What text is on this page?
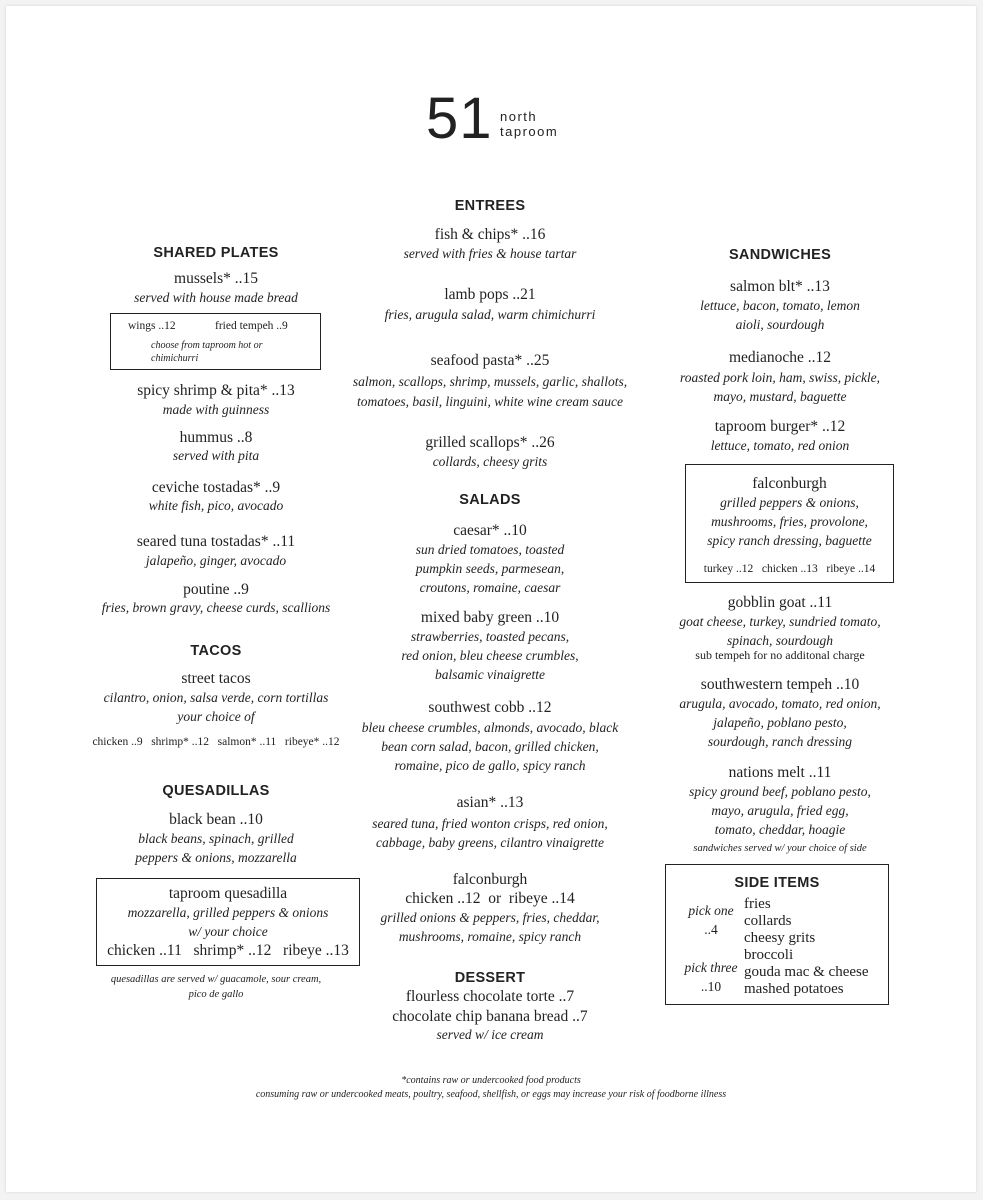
51 north
taproom
SHARED PLATES
mussels* ..15
served with house made bread
wings ..12	fried tempeh ..9
choose from taproom hot or chimichurri
spicy shrimp & pita* ..13
made with guinness
hummus ..8
served with pita
ceviche tostadas* ..9
white fish, pico, avocado
seared tuna tostadas* ..11
jalapeño, ginger, avocado
poutine ..9
fries, brown gravy, cheese curds, scallions
TACOS
street tacos
cilantro, onion, salsa verde, corn tortillas
your choice of
chicken ..9   shrimp* ..12   salmon* ..11   ribeye* ..12
QUESADILLAS
black bean ..10
black beans, spinach, grilled
peppers & onions, mozzarella
taproom quesadilla
mozzarella, grilled peppers & onions
w/ your choice
chicken ..11   shrimp* ..12   ribeye ..13
quesadillas are served w/ guacamole, sour cream,
pico de gallo
ENTREES
fish & chips* ..16
served with fries & house tartar
lamb pops ..21
fries, arugula salad, warm chimichurri
seafood pasta* ..25
salmon, scallops, shrimp, mussels, garlic, shallots,
tomatoes, basil, linguini, white wine cream sauce
grilled scallops* ..26
collards, cheesy grits
SALADS
caesar* ..10
sun dried tomatoes, toasted
pumpkin seeds, parmesean,
croutons, romaine, caesar
mixed baby green ..10
strawberries, toasted pecans,
red onion, bleu cheese crumbles,
balsamic vinaigrette
southwest cobb ..12
bleu cheese crumbles, almonds, avocado, black
bean corn salad, bacon, grilled chicken,
romaine, pico de gallo, spicy ranch
asian* ..13
seared tuna, fried wonton crisps, red onion,
cabbage, baby greens, cilantro vinaigrette
falconburgh
chicken ..12  or  ribeye ..14
grilled onions & peppers, fries, cheddar,
mushrooms, romaine, spicy ranch
DESSERT
flourless chocolate torte ..7
chocolate chip banana bread ..7
served w/ ice cream
SANDWICHES
salmon blt* ..13
lettuce, bacon, tomato, lemon
aioli, sourdough
medianoche ..12
roasted pork loin, ham, swiss, pickle,
mayo, mustard, baguette
taproom burger* ..12
lettuce, tomato, red onion
falconburgh
grilled peppers & onions,
mushrooms, fries, provolone,
spicy ranch dressing, baguette
turkey ..12   chicken ..13   ribeye ..14
gobblin goat ..11
goat cheese, turkey, sundried tomato,
spinach, sourdough
sub tempeh for no additonal charge
southwestern tempeh ..10
arugula, avocado, tomato, red onion,
jalapeño, poblano pesto,
sourdough, ranch dressing
nations melt ..11
spicy ground beef, poblano pesto,
mayo, arugula, fried egg,
tomato, cheddar, hoagie
sandwiches served w/ your choice of side
SIDE ITEMS
pick one
..4
pick three
..10
fries
collards
cheesy grits
broccoli
gouda mac & cheese
mashed potatoes
*contains raw or undercooked food products
consuming raw or undercooked meats, poultry, seafood, shellfish, or eggs may increase your risk of foodborne illness
